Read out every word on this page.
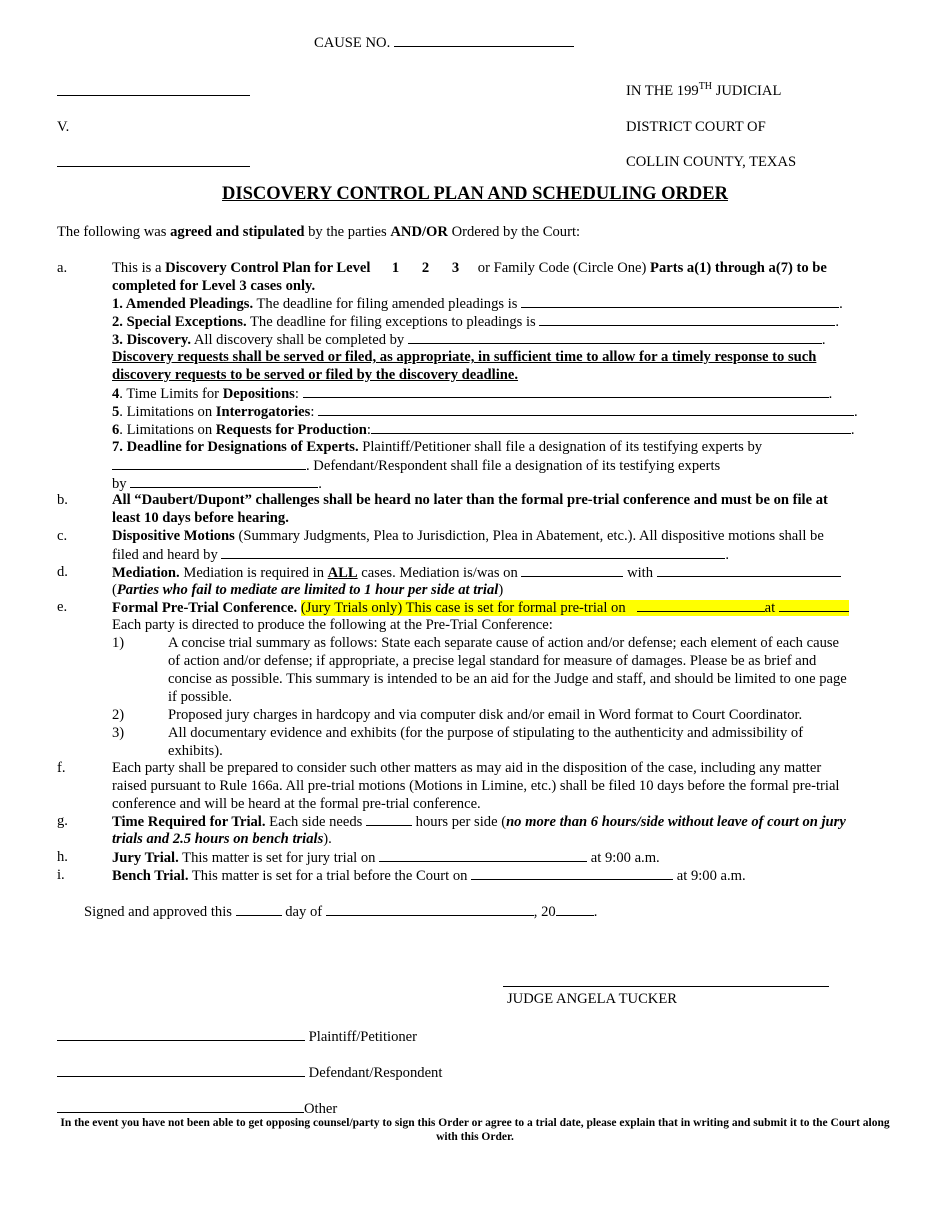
CAUSE NO.
V.
IN THE 199TH JUDICIAL
DISTRICT COURT OF
COLLIN COUNTY, TEXAS
DISCOVERY CONTROL PLAN AND SCHEDULING ORDER
The following was agreed and stipulated by the parties AND/OR Ordered by the Court:
a.
b.
c.
d.
e.
f.
g.
h.
i.
This is a Discovery Control Plan for Level 1 2 3 or Family Code (Circle One) Parts a(1) through a(7) to be
completed for Level 3 cases only.
1. Amended Pleadings. The deadline for filing amended pleadings is	.
2. Special Exceptions. The deadline for filing exceptions to pleadings is	.
3. Discovery. All discovery shall be completed by	.
Discovery requests shall be served or filed, as appropriate, in sufficient time to allow for a timely response to such
discovery requests to be served or filed by the discovery deadline.
4. Time Limits for Depositions:	.
5. Limitations on Interrogatories:	.
6. Limitations on Requests for Production:	.
7. Deadline for Designations of Experts. Plaintiff/Petitioner shall file a designation of its testifying experts by
. Defendant/Respondent shall file a designation of its testifying experts
by	.
All “Daubert/Dupont” challenges shall be heard no later than the formal pre-trial conference and must be on file at
least 10 days before hearing.
Dispositive Motions (Summary Judgments, Plea to Jurisdiction, Plea in Abatement, etc.). All dispositive motions shall be
filed and heard by	.
Mediation. Mediation is required in ALL cases. Mediation is/was on	with
(Parties who fail to mediate are limited to 1 hour per side at trial)
Formal Pre-Trial Conference. (Jury Trials only) This case is set for formal pre-trial on	at
Each party is directed to produce the following at the Pre-Trial Conference:
1)	A concise trial summary as follows: State each separate cause of action and/or defense; each element of each cause
of action and/or defense; if appropriate, a precise legal standard for measure of damages. Please be as brief and
concise as possible. This summary is intended to be an aid for the Judge and staff, and should be limited to one page
if possible.
2)	Proposed jury charges in hardcopy and via computer disk and/or email in Word format to Court Coordinator.
3)	All documentary evidence and exhibits (for the purpose of stipulating to the authenticity and admissibility of
exhibits).
Each party shall be prepared to consider such other matters as may aid in the disposition of the case, including any matter
raised pursuant to Rule 166a. All pre-trial motions (Motions in Limine, etc.) shall be filed 10 days before the formal pre-trial
conference and will be heard at the formal pre-trial conference.
Time Required for Trial. Each side needs	hours per side (no more than 6 hours/side without leave of court on jury
trials and 2.5 hours on bench trials).
Jury Trial. This matter is set for jury trial on	at 9:00 a.m.
Bench Trial. This matter is set for a trial before the Court on	at 9:00 a.m.
Signed and approved this	day of	, 20	.
JUDGE ANGELA TUCKER
Plaintiff/Petitioner
Defendant/Respondent
Other
In the event you have not been able to get opposing counsel/party to sign this Order or agree to a trial date, please explain that in writing and submit it to the Court along with this Order.
